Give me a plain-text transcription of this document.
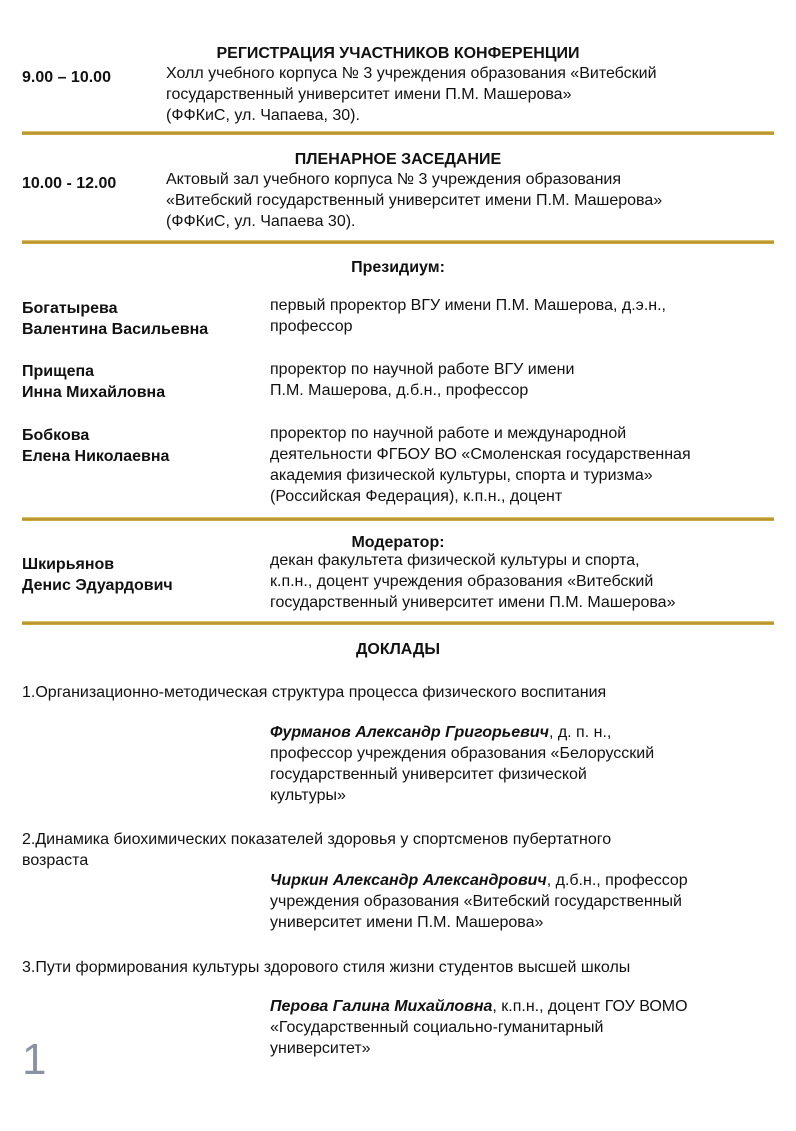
РЕГИСТРАЦИЯ УЧАСТНИКОВ КОНФЕРЕНЦИИ
9.00 – 10.00	Холл учебного корпуса № 3 учреждения образования «Витебский
государственный университет имени П.М. Машерова»
(ФФКиС, ул. Чапаева, 30).
ПЛЕНАРНОЕ ЗАСЕДАНИЕ
10.00 - 12.00	Актовый зал учебного корпуса № 3 учреждения образования
«Витебский государственный университет имени П.М. Машерова»
(ФФКиС, ул. Чапаева 30).
Президиум:
Богатырева
Валентина Васильевна
первый проректор ВГУ имени П.М. Машерова, д.э.н.,
профессор
Прищепа
Инна Михайловна
проректор по научной работе ВГУ имени
П.М. Машерова, д.б.н., профессор
Бобкова
Елена Николаевна
проректор по научной работе и международной
деятельности ФГБОУ ВО «Смоленская государственная
академия физической культуры, спорта и туризма»
(Российская Федерация), к.п.н., доцент
Модератор:
Шкирьянов
Денис Эдуардович
декан факультета физической культуры и спорта,
к.п.н., доцент учреждения образования «Витебский
государственный университет имени П.М. Машерова»
ДОКЛАДЫ
1.Организационно-методическая структура процесса физического воспитания
Фурманов Александр Григорьевич, д. п. н.,
профессор учреждения образования «Белорусский
государственный университет физической
культуры»
2.Динамика биохимических показателей здоровья у спортсменов пубертатного
возраста
Чиркин Александр Александрович, д.б.н., профессор
учреждения образования «Витебский государственный
университет имени П.М. Машерова»
3.Пути формирования культуры здорового стиля жизни студентов высшей школы
Перова Галина Михайловна, к.п.н., доцент ГОУ ВОМО
«Государственный социально-гуманитарный
университет»
1
